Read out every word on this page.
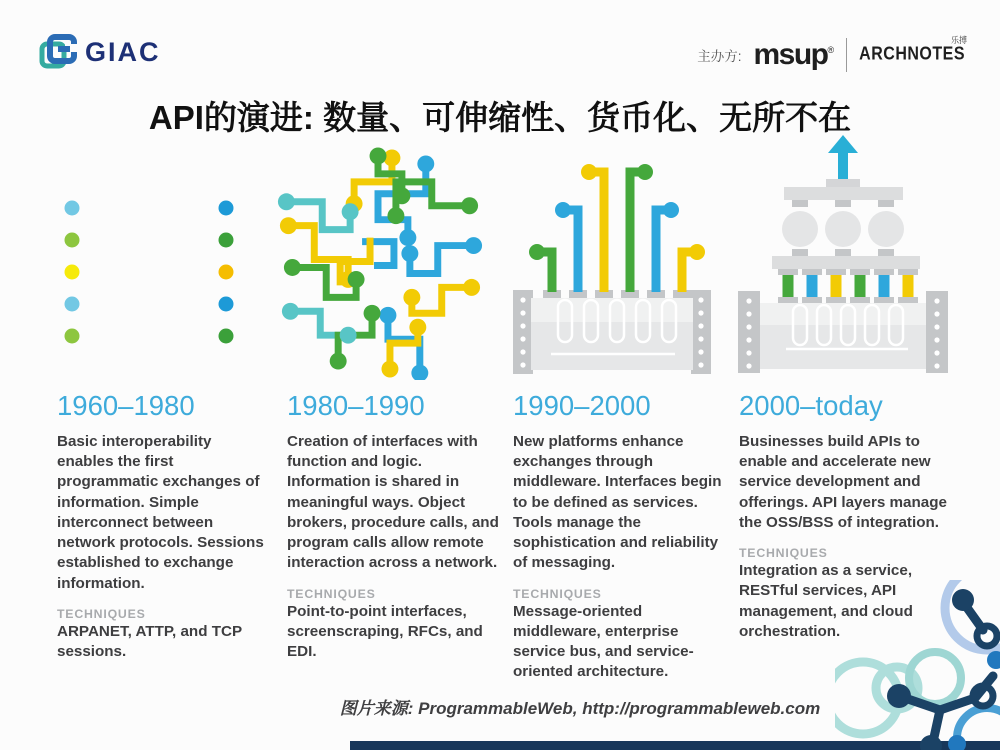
GIAC	主办方: msup®
乐搏
ARCHNOTES
API的演进: 数量、可伸缩性、货币化、无所不在
1960–1980

Basic interoperability enables the first programmatic exchanges of information. Simple interconnect between network protocols. Sessions established to exchange information.

TECHNIQUES

ARPANET, ATTP, and TCP sessions.

1980–1990

Creation of interfaces with function and logic. Information is shared in meaningful ways. Object brokers, procedure calls, and program calls allow remote interaction across a network.

TECHNIQUES

Point-to-point interfaces, screenscraping, RFCs, and EDI.

1990–2000

New platforms enhance exchanges through middleware. Interfaces begin to be defined as services. Tools manage the sophistication and reliability of messaging.

TECHNIQUES

Message-oriented middleware, enterprise service bus, and service-oriented architecture.

2000–today

Businesses build APIs to enable and accelerate new service development and offerings. API layers manage the OSS/BSS of integration.

TECHNIQUES

Integration as a service, RESTful services, API management, and cloud orchestration.

图片来源: ProgrammableWeb, http://programmableweb.com
